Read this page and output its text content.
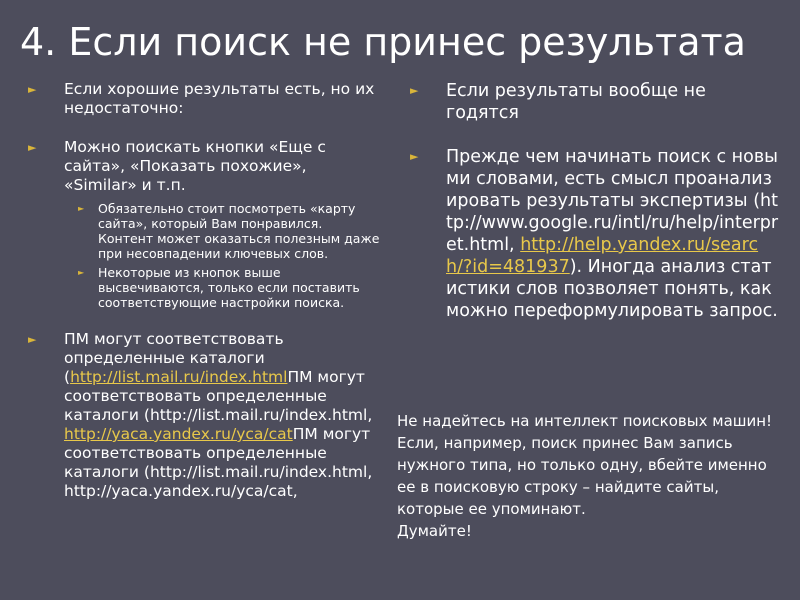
4. Если поиск не принес результата
► Если хорошие результаты есть, но их недостаточно:
► Можно поискать кнопки «Еще с сайта», «Показать похожие», «Similar» и т.п.
► Обязательно стоит посмотреть «карту сайта», который Вам понравился. Контент может оказаться полезным даже при несовпадении ключевых слов.
► Некоторые из кнопок выше высвечиваются, только если поставить соответствующие настройки поиска.
► ПМ могут соответствовать определенные каталоги (http://list.mail.ru/index.htmlПМ могут соответствовать определенные каталоги (http://list.mail.ru/index.html, http://yaca.yandex.ru/yca/catПМ могут соответствовать определенные каталоги (http://list.mail.ru/index.html, http://yaca.yandex.ru/yca/cat,
► Если результаты вообще не годятся
► Прежде чем начинать поиск с новыми словами, есть смысл проанализировать результаты экспертизы (http://www.google.ru/intl/ru/help/interpret.html, http://help.yandex.ru/search/?id=481937). Иногда анализ статистики слов позволяет понять, как можно переформулировать запрос.

Не надейтесь на интеллект поисковых машин!

Если, например, поиск принес Вам запись нужного типа, но только одну, вбейте именно ее в поисковую строку – найдите сайты, которые ее упоминают.

Думайте!
